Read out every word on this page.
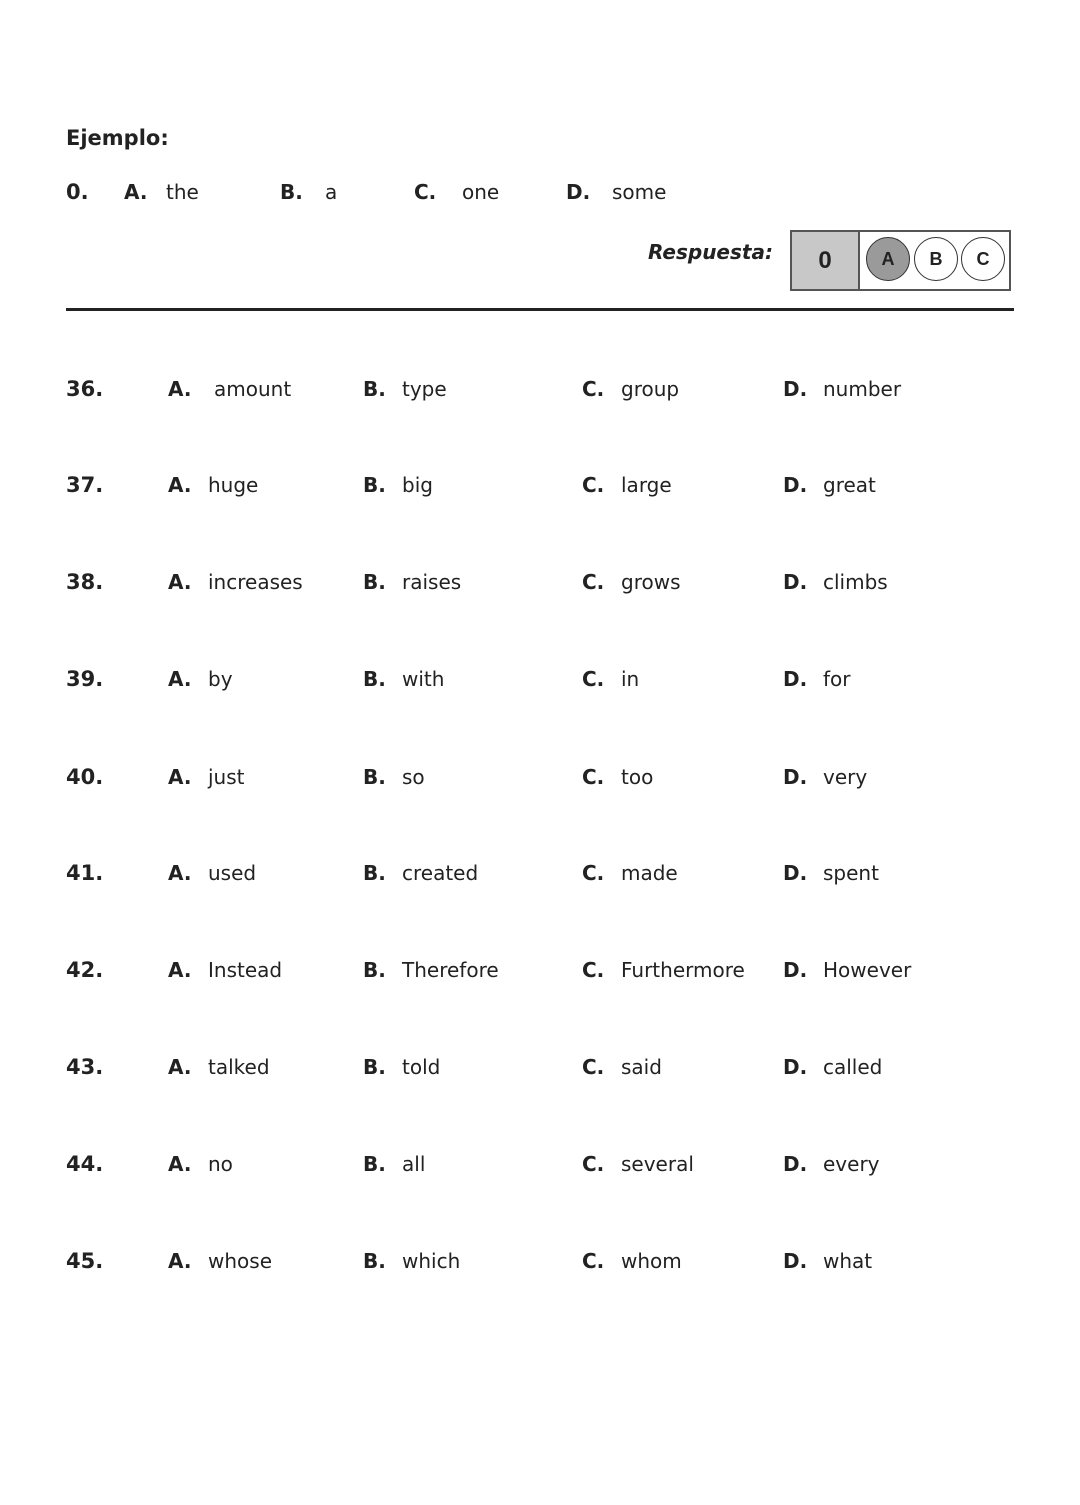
Ejemplo:
0. A. the	B. a	C. one	D. some
Respuesta:	0	A	B	C
36.	A. amount	B. type	C. group	D. number
37.	A. huge	B. big	C. large	D. great
38.	A. increases	B. raises	C. grows	D. climbs
39.	A. by	B. with	C. in	D. for
40.	A. just	B. so	C. too	D. very
41.	A. used	B. created	C. made	D. spent
42.	A. Instead	B. Therefore	C. Furthermore D. However
43.	A. talked	B. told	C. said	D. called
44.	A. no	B. all	C. several	D. every
45.	A. whose	B. which	C. whom	D. what
